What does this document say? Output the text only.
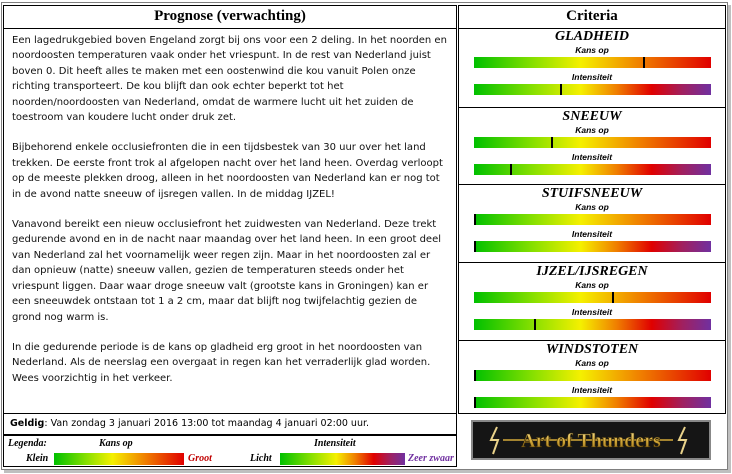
Prognose (verwachting)

Een lagedrukgebied boven Engeland zorgt bij ons voor een 2 deling. In het noorden en noordoosten temperaturen vaak onder het vriespunt. In de rest van Nederland juist boven 0. Dit heeft alles te maken met een oostenwind die kou vanuit Polen onze richting transporteert. De kou blijft dan ook echter beperkt tot het noorden/noordoosten van Nederland, omdat de warmere lucht uit het zuiden de toestroom van koudere lucht onder druk zet.

Bijbehorend enkele occlusiefronten die in een tijdsbestek van 30 uur over het land trekken. De eerste front trok al afgelopen nacht over het land heen. Overdag verloopt op de meeste plekken droog, alleen in het noordoosten van Nederland kan er nog tot in de avond natte sneeuw of ijsregen vallen. In de middag IJZEL!

Vanavond bereikt een nieuw occlusiefront het zuidwesten van Nederland. Deze trekt gedurende avond en in de nacht naar maandag over het land heen. In een groot deel van Nederland zal het voornamelijk weer regen zijn. Maar in het noordoosten zal er dan opnieuw (natte) sneeuw vallen, gezien de temperaturen steeds onder het vriespunt liggen. Daar waar droge sneeuw valt (grootste kans in Groningen) kan er een sneeuwdek ontstaan tot 1 a 2 cm, maar dat blijft nog twijfelachtig gezien de grond nog warm is.

In die gedurende periode is de kans op gladheid erg groot in het noordoosten van Nederland. Als de neerslag een overgaat in regen kan het verraderlijk glad worden. Wees voorzichtig in het verkeer.

Geldig: Van zondag 3 januari 2016 13:00 tot maandag 4 januari 02:00 uur.
Legenda:	Kans op
Klein	Groot
Intensiteit
Licht	Zeer zwaar
Criteria
GLADHEID
Kans op
Intensiteit
SNEEUW
Kans op
Intensiteit
STUIFSNEEUW
Kans op
Intensiteit
IJZEL/IJSREGEN
Kans op
Intensiteit
WINDSTOTEN
Kans op
Intensiteit
Art of Thunders
